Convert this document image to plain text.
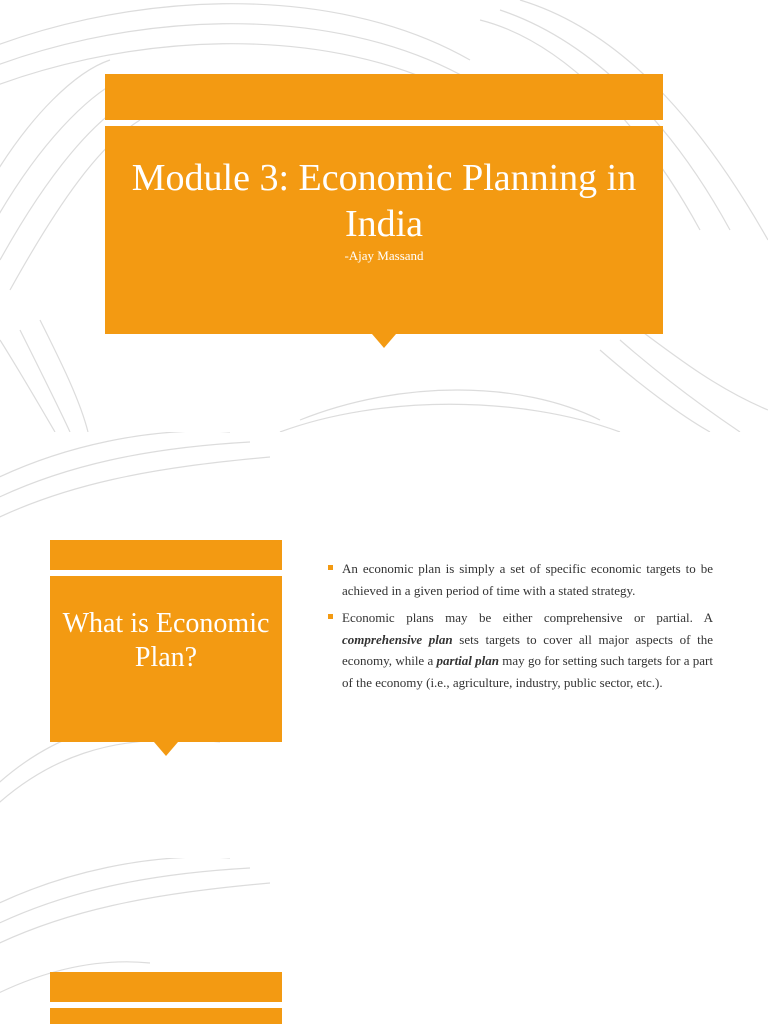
Module 3: Economic Planning in India

-Ajay Massand

What is Economic Plan?
An economic plan is simply a set of specific economic targets to be achieved in a given period of time with a stated strategy.
Economic plans may be either comprehensive or partial. A comprehensive plan sets targets to cover all major aspects of the economy, while a partial plan may go for setting such targets for a part of the economy (i.e., agriculture, industry, public sector, etc.).
